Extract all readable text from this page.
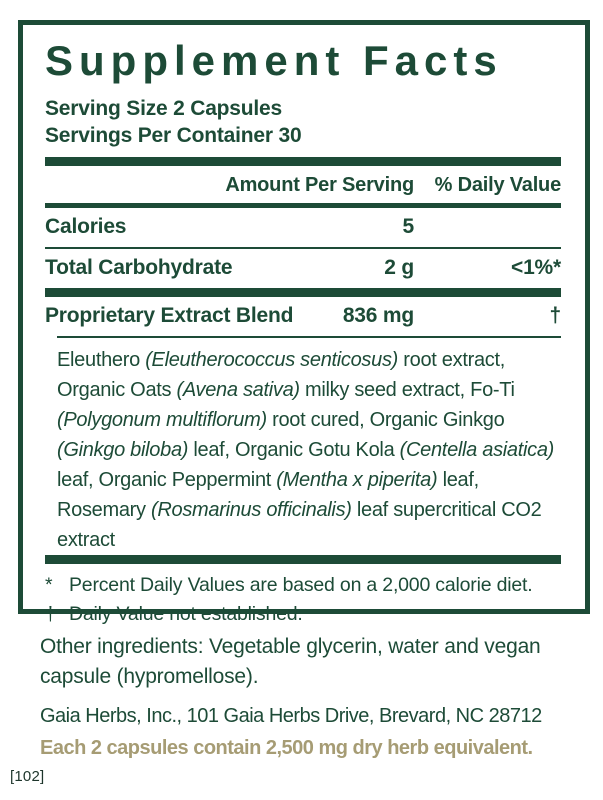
Supplement Facts
Serving Size 2 Capsules
Servings Per Container 30
Amount Per Serving	% Daily Value
Calories	5
Total Carbohydrate	2 g	<1%*
Proprietary Extract Blend	836 mg	†

Eleuthero (Eleutherococcus senticosus) root extract, Organic Oats (Avena sativa) milky seed extract, Fo-Ti (Polygonum multiflorum) root cured, Organic Ginkgo (Ginkgo biloba) leaf, Organic Gotu Kola (Centella asiatica) leaf, Organic Peppermint (Mentha x piperita) leaf, Rosemary (Rosmarinus officinalis) leaf supercritical CO2 extract

* Percent Daily Values are based on a 2,000 calorie diet.
† Daily Value not established.

Other ingredients: Vegetable glycerin, water and vegan capsule (hypromellose).

Gaia Herbs, Inc., 101 Gaia Herbs Drive, Brevard, NC 28712

Each 2 capsules contain 2,500 mg dry herb equivalent.

[102]
